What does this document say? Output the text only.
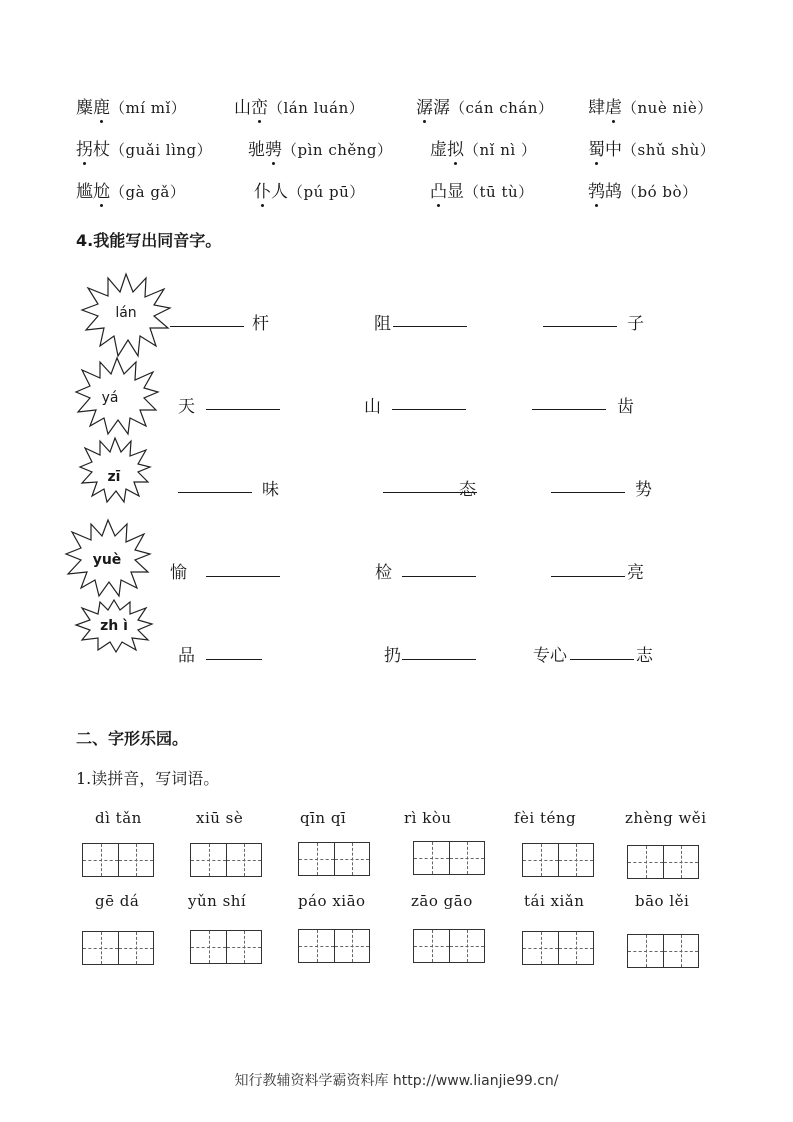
麋鹿（mí mǐ）	山峦（lán luán）	潺潺（cán chán） 肆虐（nuè niè）
拐杖（guǎi lìng） 驰骋（pìn chěng） 虚拟（nǐ nì ）	蜀中（shǔ shù）
尴尬（gà gǎ）	仆人（pú pū）	凸显（tū tù）	鹁鸪（bó bò）
4.我能写出同音字。
lán
杆	阻	子
yá	天	山	齿
zī
味	态	势
yuè
愉	检	亮
zh ì
品	扔	专心	志
二、字形乐园。
1.读拼音，写词语。
dì tǎn	xiū sè	qīn qī	rì kòu	fèi téng	zhèng wěi
gē dá	yǔn shí	páo xiāo	zāo gāo	tái xiǎn	bāo lěi
知行教辅资料学霸资料库 http://www.lianjie99.cn/
